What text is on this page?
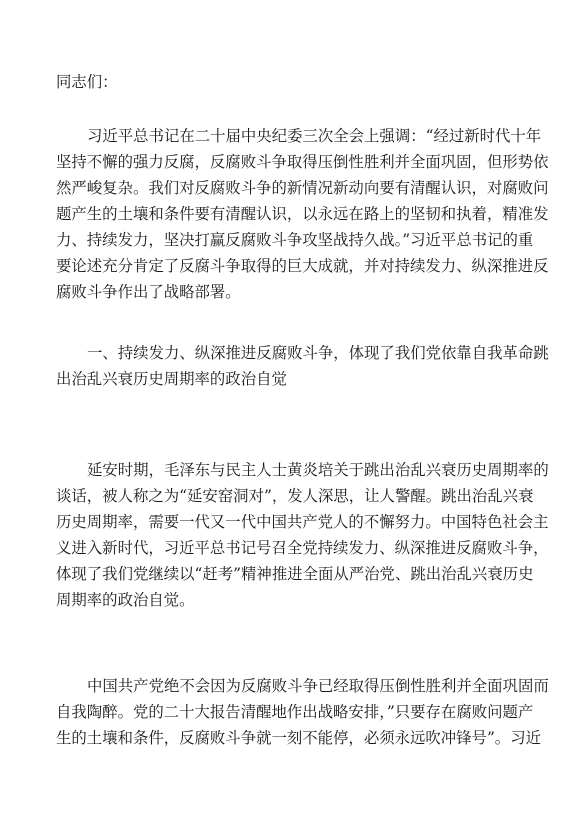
同志们：
习近平总书记在二十届中央纪委三次全会上强调：“经过新时代十年
坚持不懈的强力反腐，反腐败斗争取得压倒性胜利并全面巩固，但形势依
然严峻复杂。我们对反腐败斗争的新情况新动向要有清醒认识，对腐败问
题产生的土壤和条件要有清醒认识，以永远在路上的坚韧和执着，精准发
力、持续发力，坚决打赢反腐败斗争攻坚战持久战。”习近平总书记的重
要论述充分肯定了反腐斗争取得的巨大成就，并对持续发力、纵深推进反
腐败斗争作出了战略部署。
一、持续发力、纵深推进反腐败斗争，体现了我们党依靠自我革命跳
出治乱兴衰历史周期率的政治自觉
延安时期，毛泽东与民主人士黄炎培关于跳出治乱兴衰历史周期率的
谈话，被人称之为“延安窑洞对”，发人深思，让人警醒。跳出治乱兴衰
历史周期率，需要一代又一代中国共产党人的不懈努力。中国特色社会主
义进入新时代，习近平总书记号召全党持续发力、纵深推进反腐败斗争，
体现了我们党继续以“赶考”精神推进全面从严治党、跳出治乱兴衰历史
周期率的政治自觉。
中国共产党绝不会因为反腐败斗争已经取得压倒性胜利并全面巩固而
自我陶醉。党的二十大报告清醒地作出战略安排，”只要存在腐败问题产
生的土壤和条件，反腐败斗争就一刻不能停，必须永远吹冲锋号”。习近
